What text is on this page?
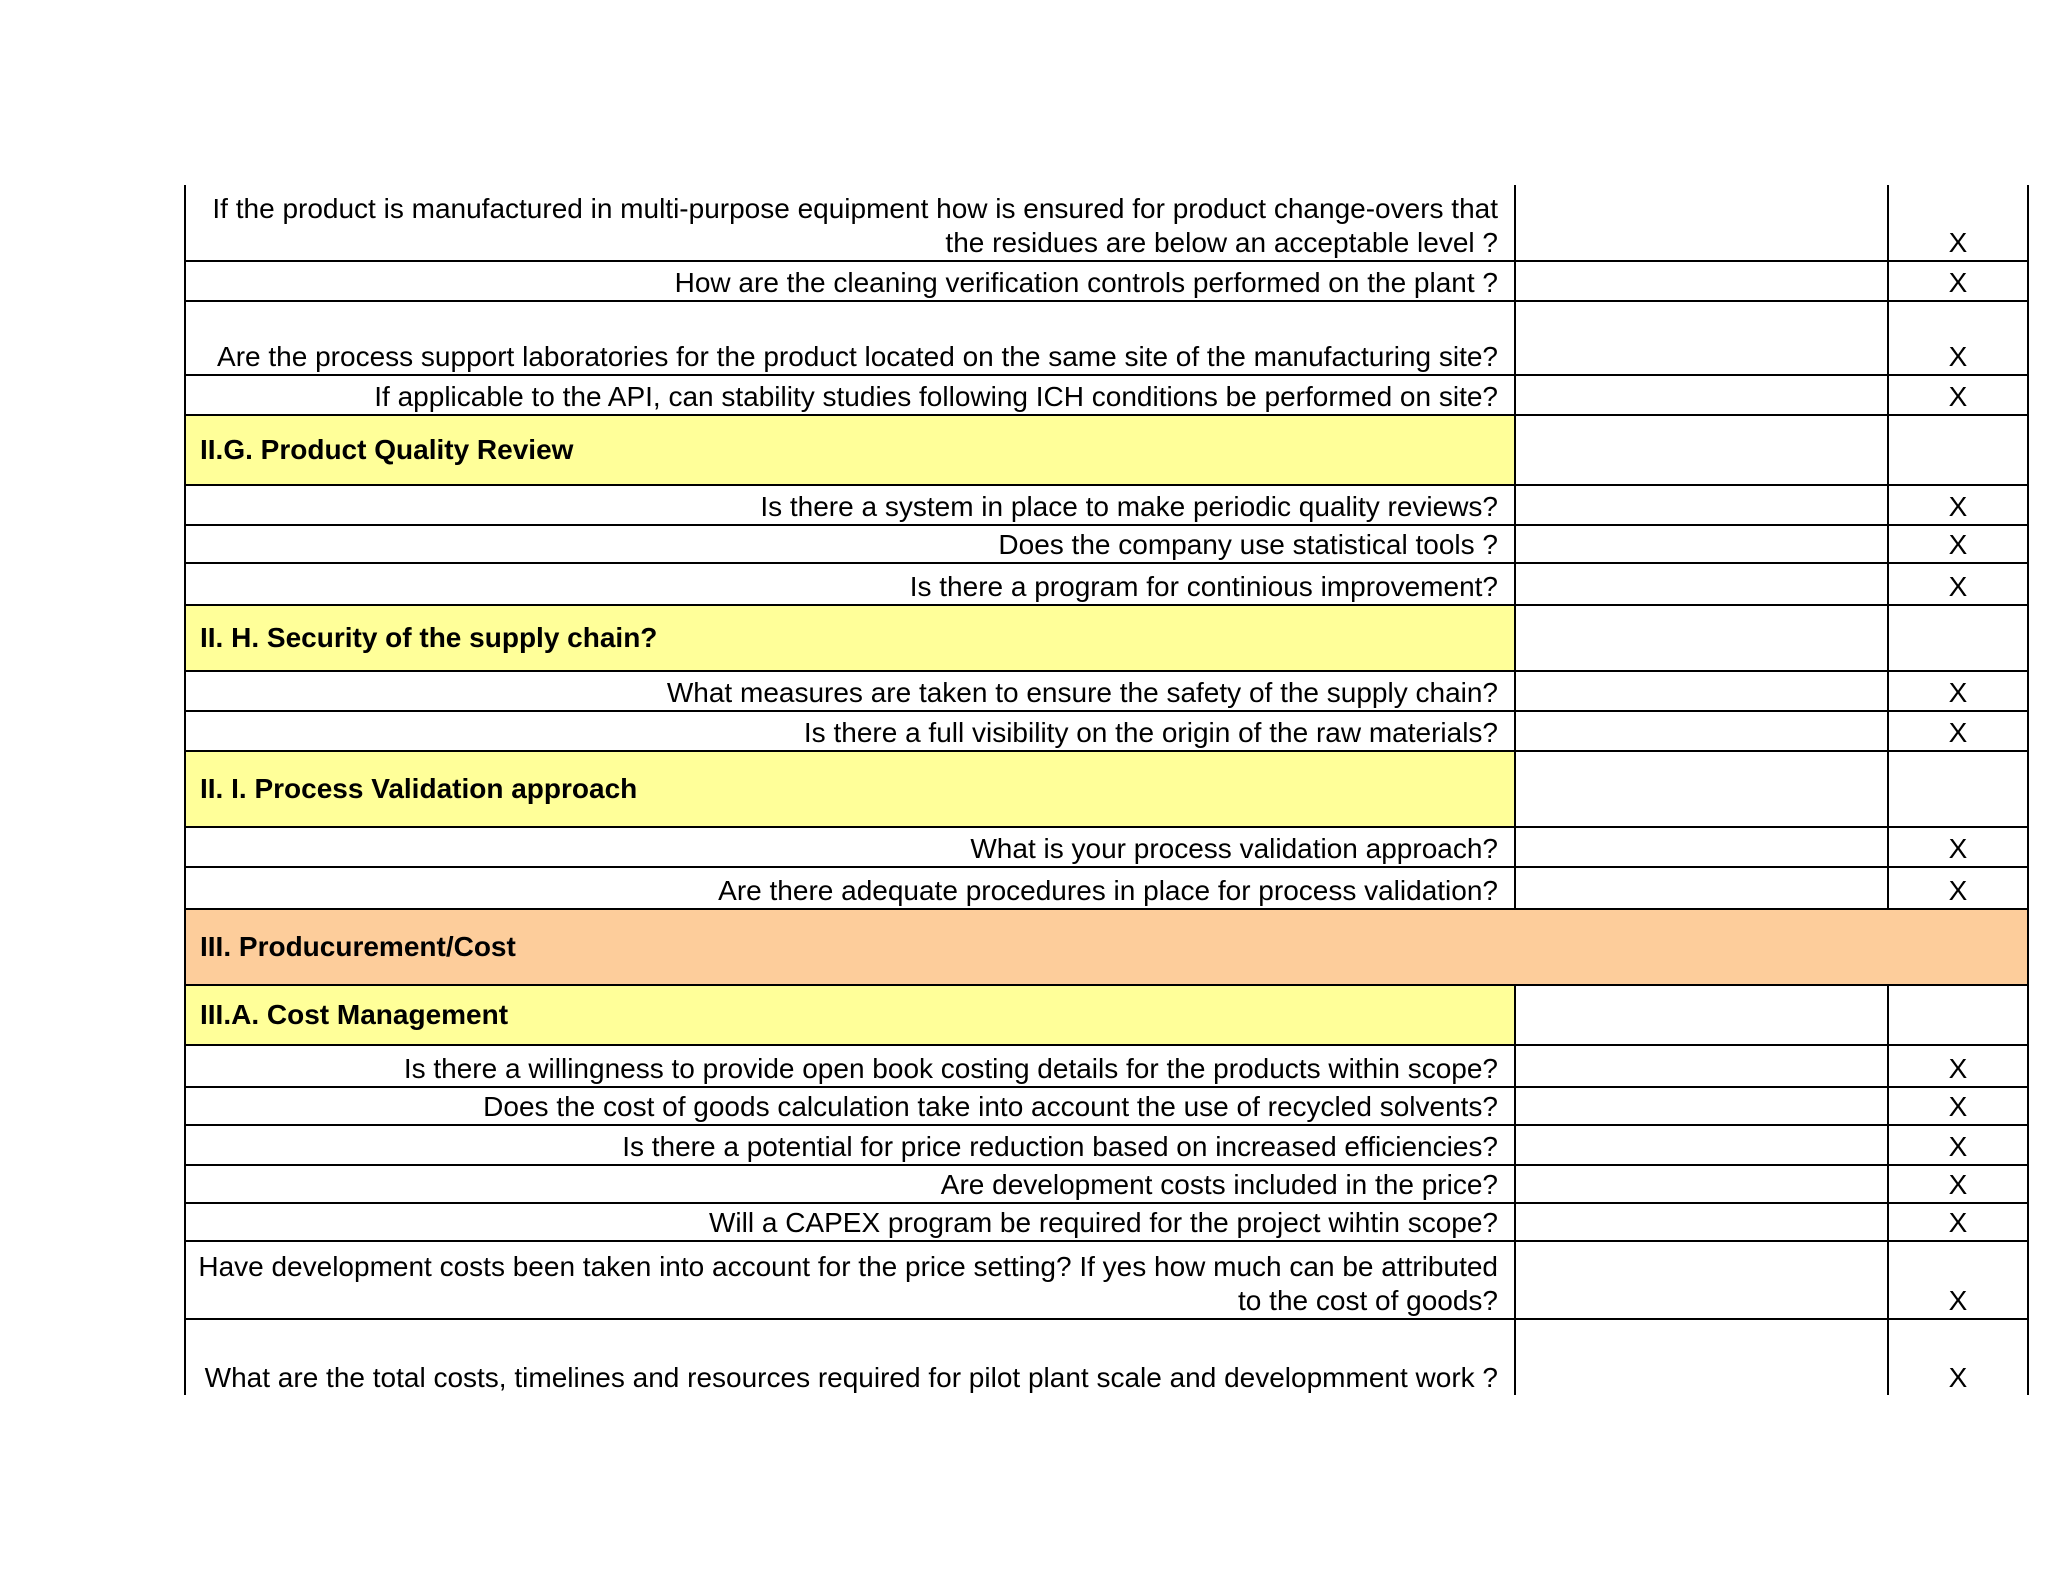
If the product is manufactured in multi-purpose equipment how is ensured for product change-overs that the residues are below an acceptable level ?		X
How are the cleaning verification controls performed on the plant ?		X
Are the process support laboratories for the product located on the same site of the manufacturing site?		X
If applicable to the API, can stability studies following ICH conditions be performed on site?		X
II.G. Product Quality Review		
Is there a system in place to make periodic quality reviews?		X
Does the company use statistical tools ?		X
Is there a program for continious improvement?		X
II. H. Security of the supply chain?		
What measures are taken to ensure the safety of the supply chain?		X
Is there a full visibility on the origin of the raw materials?		X
II. I. Process Validation approach		
What is your process validation approach?		X
Are there adequate procedures in place for process validation?		X
III. Producurement/Cost		
III.A. Cost Management		
Is there a willingness to provide open book costing details for the products within scope?		X
Does the cost of goods calculation take into account the use of recycled solvents?		X
Is there a potential for price reduction based on increased efficiencies?		X
Are development costs included in the price?		X
Will a CAPEX program be required for the project wihtin scope?		X
Have development costs been taken into account for the price setting? If yes how much can be attributed to the cost of goods?		X
What are the total costs, timelines and resources required for pilot plant scale and developmment work ?		X
